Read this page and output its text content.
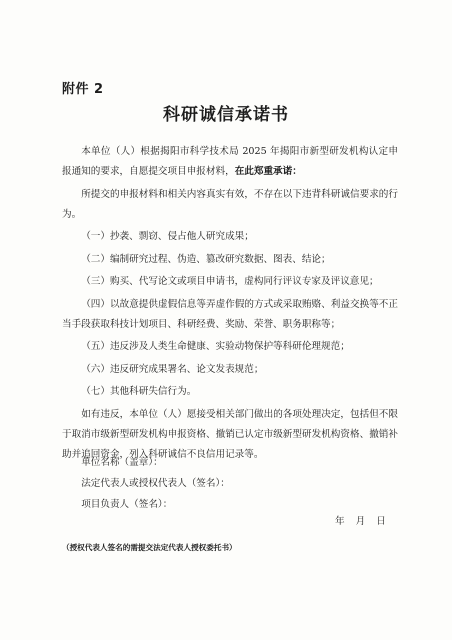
附件 2
科研诚信承诺书

本单位（人）根据揭阳市科学技术局 2025 年揭阳市新型研发机构认定申报通知的要求，自愿提交项目申报材料，在此郑重承诺：

所提交的申报材料和相关内容真实有效，不存在以下违背科研诚信要求的行为。

（一）抄袭、剽窃、侵占他人研究成果；

（二）编制研究过程、伪造、篡改研究数据、图表、结论；

（三）购买、代写论文或项目申请书，虚构同行评议专家及评议意见；

（四）以故意提供虚假信息等弄虚作假的方式或采取贿赂、利益交换等不正当手段获取科技计划项目、科研经费、奖励、荣誉、职务职称等；

（五）违反涉及人类生命健康、实验动物保护等科研伦理规范；

（六）违反研究成果署名、论文发表规范；

（七）其他科研失信行为。

如有违反，本单位（人）愿接受相关部门做出的各项处理决定，包括但不限于取消市级新型研发机构申报资格、撤销已认定市级新型研发机构资格、撤销补助并追回资金，列入科研诚信不良信用记录等。

单位名称（盖章）：
法定代表人或授权代表人（签名）：
项目负责人（签名）：
年 月 日
（授权代表人签名的需提交法定代表人授权委托书）
